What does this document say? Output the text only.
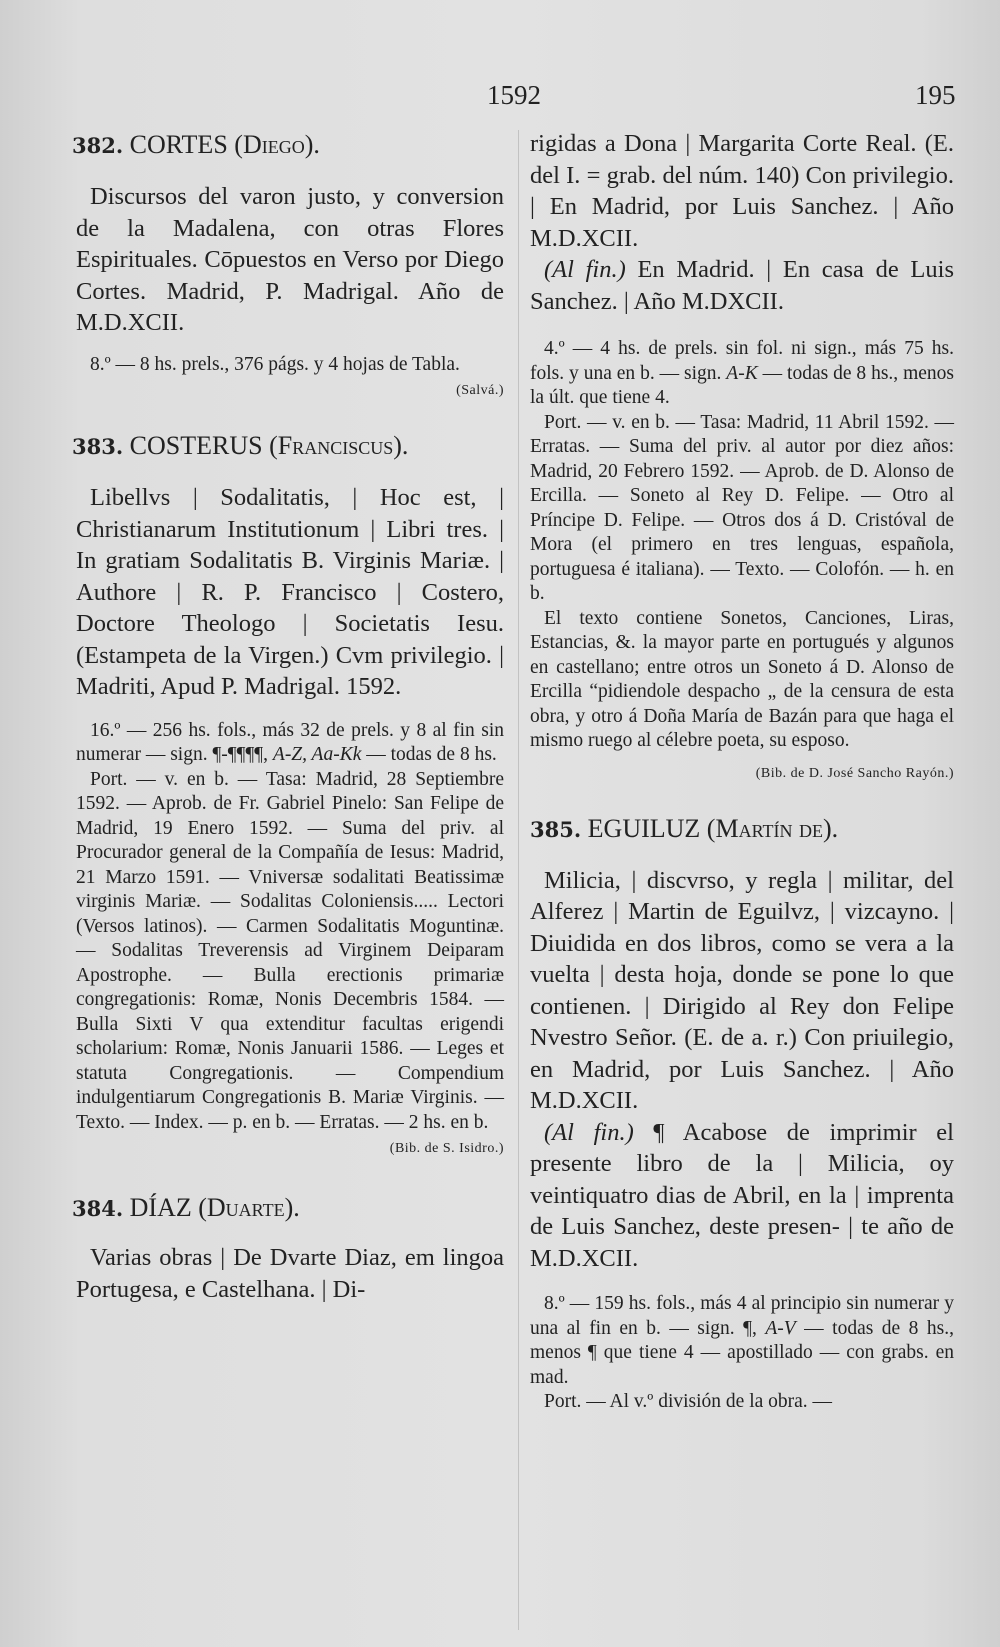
1592	195
382. CORTES (Diego).

Discursos del varon justo, y conversion de la Madalena, con otras Flores Espirituales. Cōpuestos en Verso por Diego Cortes. Madrid, P. Madrigal. Año de M.D.XCII.

8.º — 8 hs. prels., 376 págs. y 4 hojas de Tabla.

(Salvá.)
383. COSTERUS (Franciscus).

Libellvs | Sodalitatis, | Hoc est, | Christianarum Institutionum | Libri tres. | In gratiam Sodalitatis B. Virginis Mariæ. | Authore | R. P. Francisco | Costero, Doctore Theologo | Societatis Iesu. (Estampeta de la Virgen.) Cvm privilegio. | Madriti, Apud P. Madrigal. 1592.

16.º — 256 hs. fols., más 32 de prels. y 8 al fin sin numerar — sign. ¶-¶¶¶¶, A-Z, Aa-Kk — todas de 8 hs.

Port. — v. en b. — Tasa: Madrid, 28 Septiembre 1592. — Aprob. de Fr. Gabriel Pinelo: San Felipe de Madrid, 19 Enero 1592. — Suma del priv. al Procurador general de la Compañía de Iesus: Madrid, 21 Marzo 1591. — Vniversæ sodalitati Beatissimæ virginis Mariæ. — Sodalitas Coloniensis..... Lectori (Versos latinos). — Carmen Sodalitatis Moguntinæ. — Sodalitas Treverensis ad Virginem Deiparam Apostrophe. — Bulla erectionis primariæ congregationis: Romæ, Nonis Decembris 1584. — Bulla Sixti V qua extenditur facultas erigendi scholarium: Romæ, Nonis Januarii 1586. — Leges et statuta Congregationis. — Compendium indulgentiarum Congregationis B. Mariæ Virginis. — Texto. — Index. — p. en b. — Erratas. — 2 hs. en b.

(Bib. de S. Isidro.)
384. DÍAZ (Duarte).

Varias obras | De Dvarte Diaz, em lingoa Portugesa, e Castelhana. | Di-

rigidas a Dona | Margarita Corte Real. (E. del I. = grab. del núm. 140) Con privilegio. | En Madrid, por Luis Sanchez. | Año M.D.XCII.

(Al fin.) En Madrid. | En casa de Luis Sanchez. | Año M.DXCII.

4.º — 4 hs. de prels. sin fol. ni sign., más 75 hs. fols. y una en b. — sign. A-K — todas de 8 hs., menos la últ. que tiene 4.

Port. — v. en b. — Tasa: Madrid, 11 Abril 1592. — Erratas. — Suma del priv. al autor por diez años: Madrid, 20 Febrero 1592. — Aprob. de D. Alonso de Ercilla. — Soneto al Rey D. Felipe. — Otro al Príncipe D. Felipe. — Otros dos á D. Cristóval de Mora (el primero en tres lenguas, española, portuguesa é italiana). — Texto. — Colofón. — h. en b.

El texto contiene Sonetos, Canciones, Liras, Estancias, &. la mayor parte en portugués y algunos en castellano; entre otros un Soneto á D. Alonso de Ercilla “pidiendole despacho „ de la censura de esta obra, y otro á Doña María de Bazán para que haga el mismo ruego al célebre poeta, su esposo.

(Bib. de D. José Sancho Rayón.)
385. EGUILUZ (Martín de).

Milicia, | discvrso, y regla | militar, del Alferez | Martin de Eguilvz, | vizcayno. | Diuidida en dos libros, como se vera a la vuelta | desta hoja, donde se pone lo que contienen. | Dirigido al Rey don Felipe Nvestro Señor. (E. de a. r.) Con priuilegio, en Madrid, por Luis Sanchez. | Año M.D.XCII.

(Al fin.) ¶ Acabose de imprimir el presente libro de la | Milicia, oy veintiquatro dias de Abril, en la | imprenta de Luis Sanchez, deste presen- | te año de M.D.XCII.

8.º — 159 hs. fols., más 4 al principio sin numerar y una al fin en b. — sign. ¶, A-V — todas de 8 hs., menos ¶ que tiene 4 — apostillado — con grabs. en mad.

Port. — Al v.º división de la obra. —
